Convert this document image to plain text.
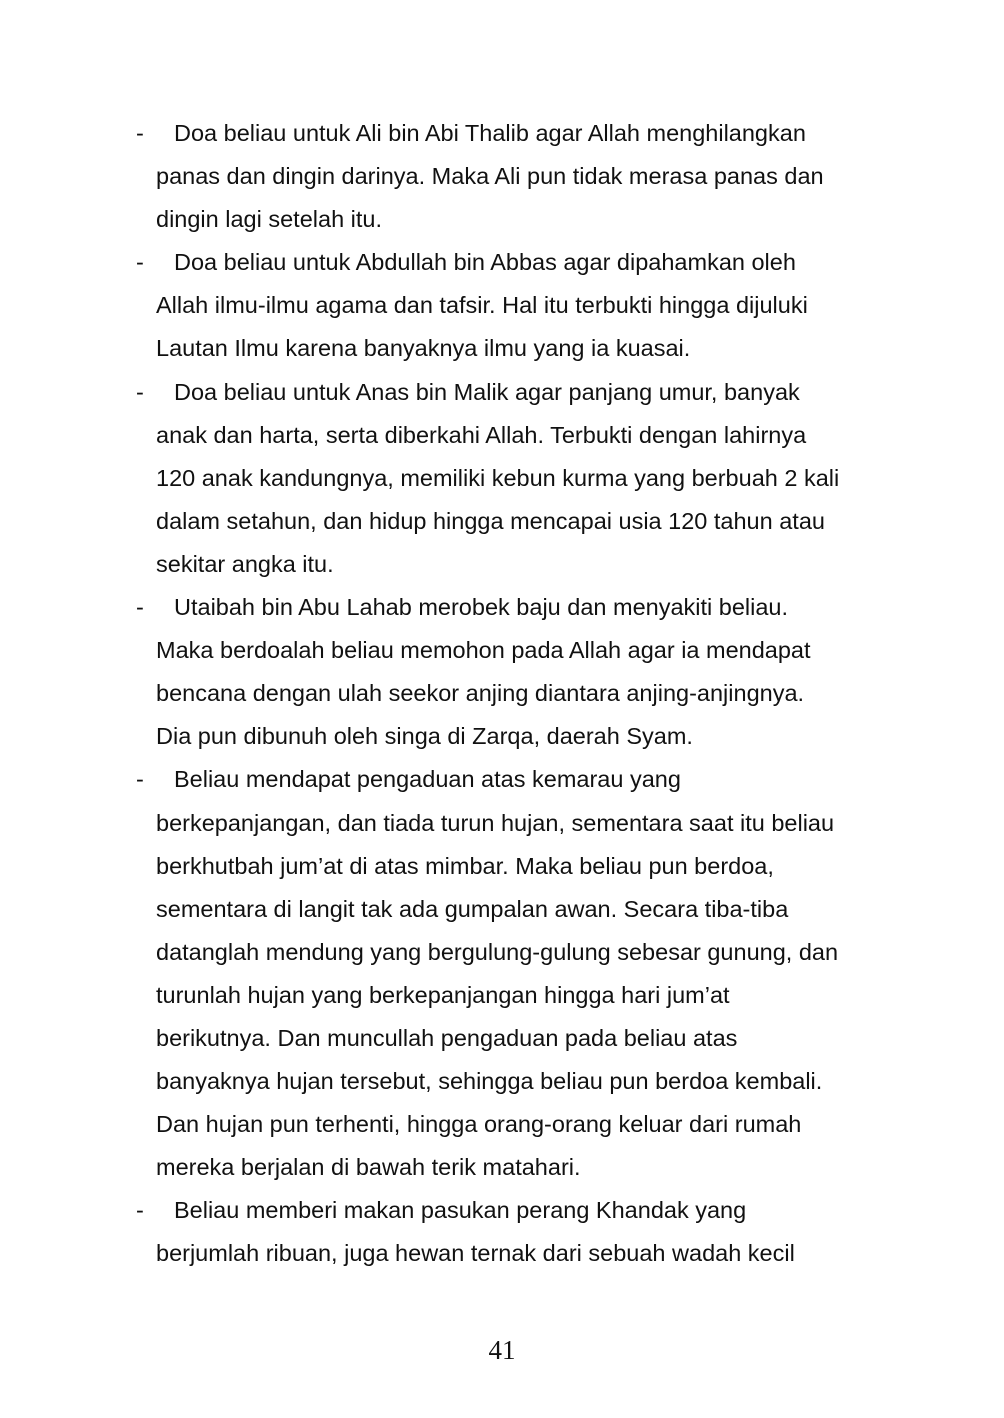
-	Doa beliau untuk Ali bin Abi Thalib agar Allah menghilangkan
panas dan dingin darinya. Maka Ali pun tidak merasa panas dan
dingin lagi setelah itu.
-	Doa beliau untuk Abdullah bin Abbas agar dipahamkan oleh
Allah ilmu-ilmu agama dan tafsir. Hal itu terbukti hingga dijuluki
Lautan Ilmu karena banyaknya ilmu yang ia kuasai.
-	Doa beliau untuk Anas bin Malik agar panjang umur, banyak
anak dan harta, serta diberkahi Allah. Terbukti dengan lahirnya
120 anak kandungnya, memiliki kebun kurma yang berbuah 2 kali
dalam setahun, dan hidup hingga mencapai usia 120 tahun atau
sekitar angka itu.
-	Utaibah bin Abu Lahab merobek baju dan menyakiti beliau.
Maka berdoalah beliau memohon pada Allah agar ia mendapat
bencana dengan ulah seekor anjing diantara anjing-anjingnya.
Dia pun dibunuh oleh singa di Zarqa, daerah Syam.
-	Beliau mendapat pengaduan atas kemarau yang
berkepanjangan, dan tiada turun hujan, sementara saat itu beliau
berkhutbah jum’at di atas mimbar. Maka beliau pun berdoa,
sementara di langit tak ada gumpalan awan. Secara tiba-tiba
datanglah mendung yang bergulung-gulung sebesar gunung, dan
turunlah hujan yang berkepanjangan hingga hari jum’at
berikutnya. Dan muncullah pengaduan pada beliau atas
banyaknya hujan tersebut, sehingga beliau pun berdoa kembali.
Dan hujan pun terhenti, hingga orang-orang keluar dari rumah
mereka berjalan di bawah terik matahari.
-	Beliau memberi makan pasukan perang Khandak yang
berjumlah ribuan, juga hewan ternak dari sebuah wadah kecil
41
